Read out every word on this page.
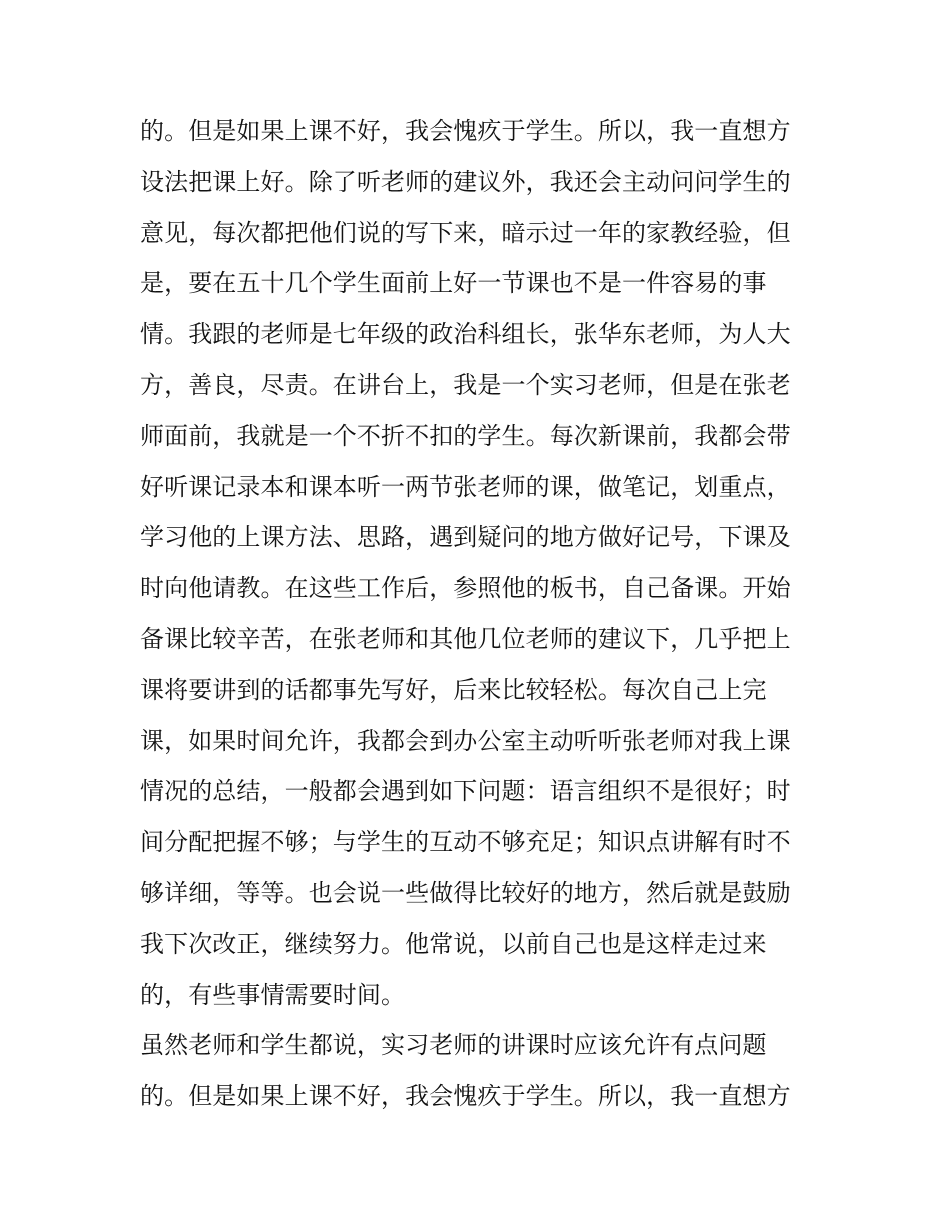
的。但是如果上课不好，我会愧疚于学生。所以，我一直想方
设法把课上好。除了听老师的建议外，我还会主动问问学生的
意见，每次都把他们说的写下来，暗示过一年的家教经验，但
是，要在五十几个学生面前上好一节课也不是一件容易的事
情。我跟的老师是七年级的政治科组长，张华东老师，为人大
方，善良，尽责。在讲台上，我是一个实习老师，但是在张老
师面前，我就是一个不折不扣的学生。每次新课前，我都会带
好听课记录本和课本听一两节张老师的课，做笔记，划重点，
学习他的上课方法、思路，遇到疑问的地方做好记号，下课及
时向他请教。在这些工作后，参照他的板书，自己备课。开始
备课比较辛苦，在张老师和其他几位老师的建议下，几乎把上
课将要讲到的话都事先写好，后来比较轻松。每次自己上完
课，如果时间允许，我都会到办公室主动听听张老师对我上课
情况的总结，一般都会遇到如下问题：语言组织不是很好；时
间分配把握不够；与学生的互动不够充足；知识点讲解有时不
够详细，等等。也会说一些做得比较好的地方，然后就是鼓励
我下次改正，继续努力。他常说，以前自己也是这样走过来
的，有些事情需要时间。
虽然老师和学生都说，实习老师的讲课时应该允许有点问题
的。但是如果上课不好，我会愧疚于学生。所以，我一直想方
